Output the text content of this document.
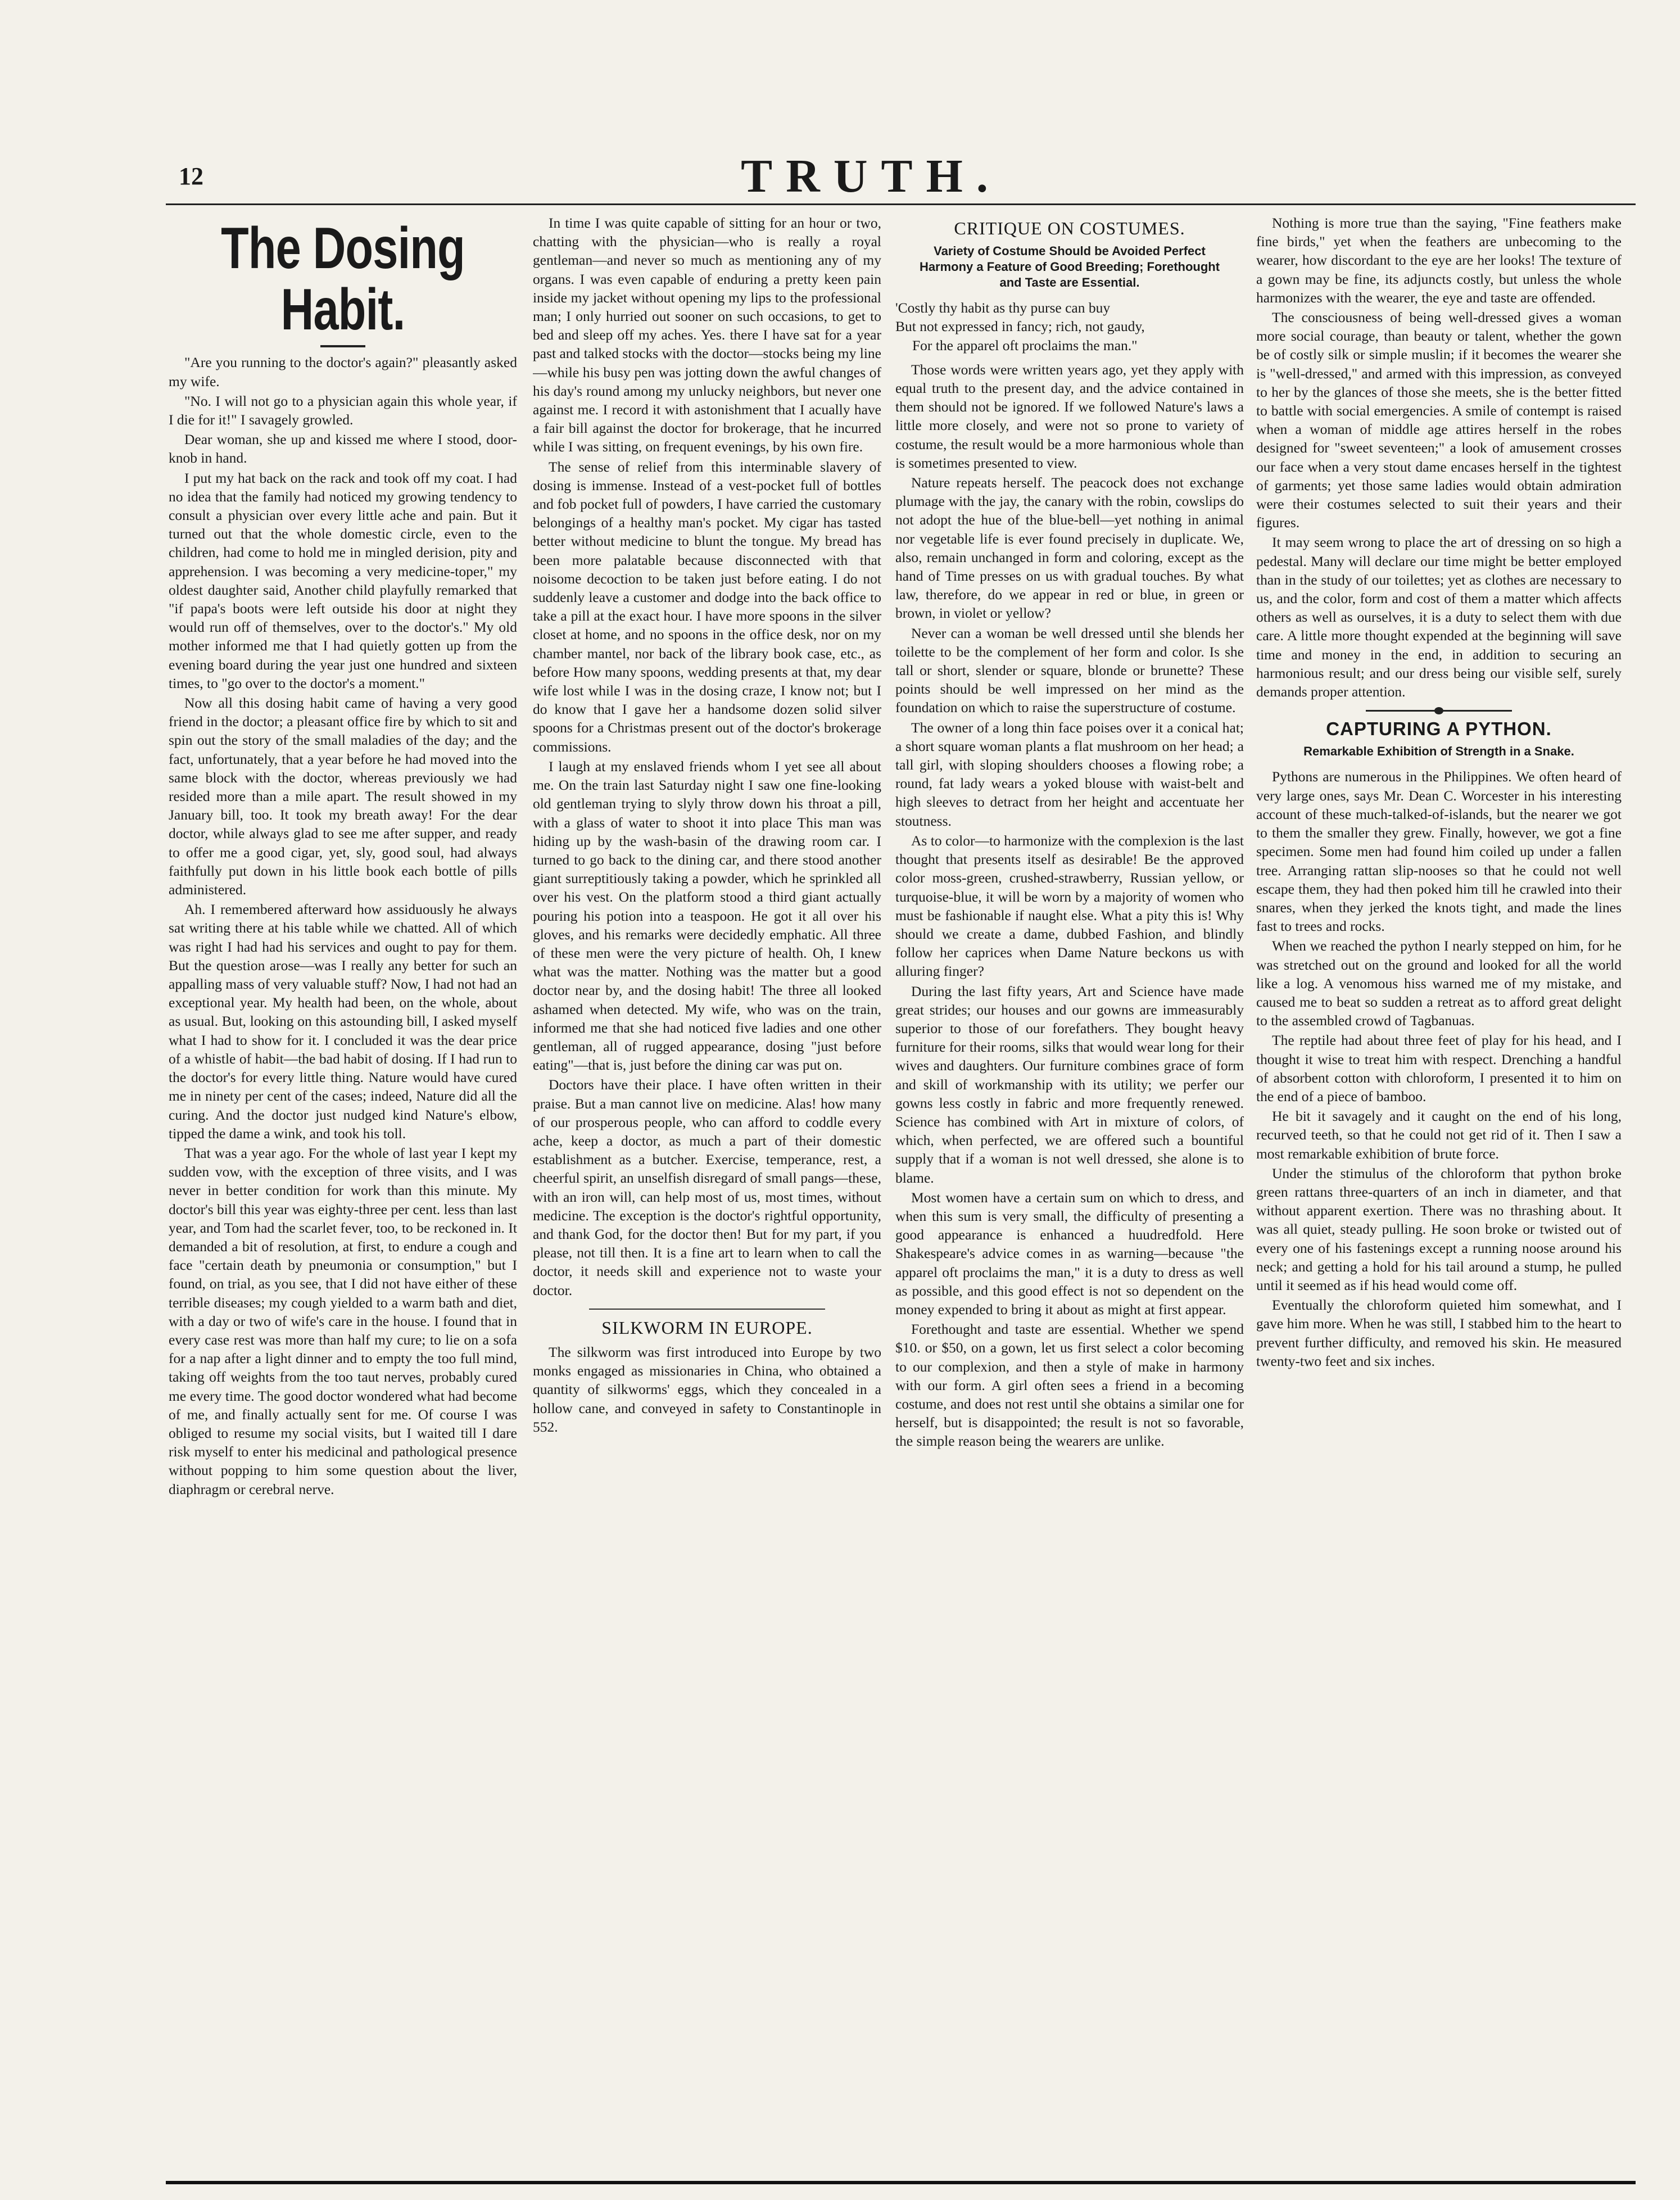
12	TRUTH.
The Dosing Habit.

"Are you running to the doctor's again?" pleasantly asked my wife.

"No. I will not go to a physician again this whole year, if I die for it!" I savagely growled.

Dear woman, she up and kissed me where I stood, door-knob in hand.

I put my hat back on the rack and took off my coat. I had no idea that the family had noticed my growing tendency to consult a physician over every little ache and pain. But it turned out that the whole domestic circle, even to the children, had come to hold me in mingled derision, pity and apprehension. I was becoming a very medicine-toper," my oldest daughter said, Another child playfully remarked that "if papa's boots were left outside his door at night they would run off of themselves, over to the doctor's." My old mother informed me that I had quietly gotten up from the evening board during the year just one hundred and sixteen times, to "go over to the doctor's a moment."

Now all this dosing habit came of having a very good friend in the doctor; a pleasant office fire by which to sit and spin out the story of the small maladies of the day; and the fact, unfortunately, that a year before he had moved into the same block with the doctor, whereas previously we had resided more than a mile apart. The result showed in my January bill, too. It took my breath away! For the dear doctor, while always glad to see me after supper, and ready to offer me a good cigar, yet, sly, good soul, had always faithfully put down in his little book each bottle of pills administered.

Ah. I remembered afterward how assiduously he always sat writing there at his table while we chatted. All of which was right I had had his services and ought to pay for them. But the question arose—was I really any better for such an appalling mass of very valuable stuff? Now, I had not had an exceptional year. My health had been, on the whole, about as usual. But, looking on this astounding bill, I asked myself what I had to show for it. I concluded it was the dear price of a whistle of habit—the bad habit of dosing. If I had run to the doctor's for every little thing. Nature would have cured me in ninety per cent of the cases; indeed, Nature did all the curing. And the doctor just nudged kind Nature's elbow, tipped the dame a wink, and took his toll.

That was a year ago. For the whole of last year I kept my sudden vow, with the exception of three visits, and I was never in better condition for work than this minute. My doctor's bill this year was eighty-three per cent. less than last year, and Tom had the scarlet fever, too, to be reckoned in. It demanded a bit of resolution, at first, to endure a cough and face "certain death by pneumonia or consumption," but I found, on trial, as you see, that I did not have either of these terrible diseases; my cough yielded to a warm bath and diet, with a day or two of wife's care in the house. I found that in every case rest was more than half my cure; to lie on a sofa for a nap after a light dinner and to empty the too full mind, taking off weights from the too taut nerves, probably cured me every time. The good doctor wondered what had become of me, and finally actually sent for me. Of course I was obliged to resume my social visits, but I waited till I dare risk myself to enter his medicinal and pathological presence without popping to him some question about the liver, diaphragm or cerebral nerve.

In time I was quite capable of sitting for an hour or two, chatting with the physician—who is really a royal gentleman—and never so much as mentioning any of my organs. I was even capable of enduring a pretty keen pain inside my jacket without opening my lips to the professional man; I only hurried out sooner on such occasions, to get to bed and sleep off my aches. Yes. there I have sat for a year past and talked stocks with the doctor—stocks being my line—while his busy pen was jotting down the awful changes of his day's round among my unlucky neighbors, but never one against me. I record it with astonishment that I acually have a fair bill against the doctor for brokerage, that he incurred while I was sitting, on frequent evenings, by his own fire.

The sense of relief from this interminable slavery of dosing is immense. Instead of a vest-pocket full of bottles and fob pocket full of powders, I have carried the customary belongings of a healthy man's pocket. My cigar has tasted better without medicine to blunt the tongue. My bread has been more palatable because disconnected with that noisome decoction to be taken just before eating. I do not suddenly leave a customer and dodge into the back office to take a pill at the exact hour. I have more spoons in the silver closet at home, and no spoons in the office desk, nor on my chamber mantel, nor back of the library book case, etc., as before How many spoons, wedding presents at that, my dear wife lost while I was in the dosing craze, I know not; but I do know that I gave her a handsome dozen solid silver spoons for a Christmas present out of the doctor's brokerage commissions.

I laugh at my enslaved friends whom I yet see all about me. On the train last Saturday night I saw one fine-looking old gentleman trying to slyly throw down his throat a pill, with a glass of water to shoot it into place This man was hiding up by the wash-basin of the drawing room car. I turned to go back to the dining car, and there stood another giant surreptitiously taking a powder, which he sprinkled all over his vest. On the platform stood a third giant actually pouring his potion into a teaspoon. He got it all over his gloves, and his remarks were decidedly emphatic. All three of these men were the very picture of health. Oh, I knew what was the matter. Nothing was the matter but a good doctor near by, and the dosing habit! The three all looked ashamed when detected. My wife, who was on the train, informed me that she had noticed five ladies and one other gentleman, all of rugged appearance, dosing "just before eating"—that is, just before the dining car was put on.

Doctors have their place. I have often written in their praise. But a man cannot live on medicine. Alas! how many of our prosperous people, who can afford to coddle every ache, keep a doctor, as much a part of their domestic establishment as a butcher. Exercise, temperance, rest, a cheerful spirit, an unselfish disregard of small pangs—these, with an iron will, can help most of us, most times, without medicine. The exception is the doctor's rightful opportunity, and thank God, for the doctor then! But for my part, if you please, not till then. It is a fine art to learn when to call the doctor, it needs skill and experience not to waste your doctor.

SILKWORM IN EUROPE.

The silkworm was first introduced into Europe by two monks engaged as missionaries in China, who obtained a quantity of silkworms' eggs, which they concealed in a hollow cane, and conveyed in safety to Constantinople in 552.

CRITIQUE ON COSTUMES.
Variety of Costume Should be Avoided Perfect Harmony a Feature of Good Breeding; Forethought and Taste are Essential.
'Costly thy habit as thy purse can buy
But not expressed in fancy; rich, not gaudy,
For the apparel oft proclaims the man."

Those words were written years ago, yet they apply with equal truth to the present day, and the advice contained in them should not be ignored. If we followed Nature's laws a little more closely, and were not so prone to variety of costume, the result would be a more harmonious whole than is sometimes presented to view.

Nature repeats herself. The peacock does not exchange plumage with the jay, the canary with the robin, cowslips do not adopt the hue of the blue-bell—yet nothing in animal nor vegetable life is ever found precisely in duplicate. We, also, remain unchanged in form and coloring, except as the hand of Time presses on us with gradual touches. By what law, therefore, do we appear in red or blue, in green or brown, in violet or yellow?

Never can a woman be well dressed until she blends her toilette to be the complement of her form and color. Is she tall or short, slender or square, blonde or brunette? These points should be well impressed on her mind as the foundation on which to raise the superstructure of costume.

The owner of a long thin face poises over it a conical hat; a short square woman plants a flat mushroom on her head; a tall girl, with sloping shoulders chooses a flowing robe; a round, fat lady wears a yoked blouse with waist-belt and high sleeves to detract from her height and accentuate her stoutness.

As to color—to harmonize with the complexion is the last thought that presents itself as desirable! Be the approved color moss-green, crushed-strawberry, Russian yellow, or turquoise-blue, it will be worn by a majority of women who must be fashionable if naught else. What a pity this is! Why should we create a dame, dubbed Fashion, and blindly follow her caprices when Dame Nature beckons us with alluring finger?

During the last fifty years, Art and Science have made great strides; our houses and our gowns are immeasurably superior to those of our forefathers. They bought heavy furniture for their rooms, silks that would wear long for their wives and daughters. Our furniture combines grace of form and skill of workmanship with its utility; we perfer our gowns less costly in fabric and more frequently renewed. Science has combined with Art in mixture of colors, of which, when perfected, we are offered such a bountiful supply that if a woman is not well dressed, she alone is to blame.

Most women have a certain sum on which to dress, and when this sum is very small, the difficulty of presenting a good appearance is enhanced a huudredfold. Here Shakespeare's advice comes in as warning—because "the apparel oft proclaims the man," it is a duty to dress as well as possible, and this good effect is not so dependent on the money expended to bring it about as might at first appear.

Forethought and taste are essential. Whether we spend $10. or $50, on a gown, let us first select a color becoming to our complexion, and then a style of make in harmony with our form. A girl often sees a friend in a becoming costume, and does not rest until she obtains a similar one for herself, but is disappointed; the result is not so favorable, the simple reason being the wearers are unlike.

Nothing is more true than the saying, "Fine feathers make fine birds," yet when the feathers are unbecoming to the wearer, how discordant to the eye are her looks! The texture of a gown may be fine, its adjuncts costly, but unless the whole harmonizes with the wearer, the eye and taste are offended.

The consciousness of being well-dressed gives a woman more social courage, than beauty or talent, whether the gown be of costly silk or simple muslin; if it becomes the wearer she is "well-dressed," and armed with this impression, as conveyed to her by the glances of those she meets, she is the better fitted to battle with social emergencies. A smile of contempt is raised when a woman of middle age attires herself in the robes designed for "sweet seventeen;" a look of amusement crosses our face when a very stout dame encases herself in the tightest of garments; yet those same ladies would obtain admiration were their costumes selected to suit their years and their figures.

It may seem wrong to place the art of dressing on so high a pedestal. Many will declare our time might be better employed than in the study of our toilettes; yet as clothes are necessary to us, and the color, form and cost of them a matter which affects others as well as ourselves, it is a duty to select them with due care. A little more thought expended at the beginning will save time and money in the end, in addition to securing an harmonious result; and our dress being our visible self, surely demands proper attention.

CAPTURING A PYTHON.
Remarkable Exhibition of Strength in a Snake.

Pythons are numerous in the Philippines. We often heard of very large ones, says Mr. Dean C. Worcester in his interesting account of these much-talked-of-islands, but the nearer we got to them the smaller they grew. Finally, however, we got a fine specimen. Some men had found him coiled up under a fallen tree. Arranging rattan slip-nooses so that he could not well escape them, they had then poked him till he crawled into their snares, when they jerked the knots tight, and made the lines fast to trees and rocks.

When we reached the python I nearly stepped on him, for he was stretched out on the ground and looked for all the world like a log. A venomous hiss warned me of my mistake, and caused me to beat so sudden a retreat as to afford great delight to the assembled crowd of Tagbanuas.

The reptile had about three feet of play for his head, and I thought it wise to treat him with respect. Drenching a handful of absorbent cotton with chloroform, I presented it to him on the end of a piece of bamboo.

He bit it savagely and it caught on the end of his long, recurved teeth, so that he could not get rid of it. Then I saw a most remarkable exhibition of brute force.

Under the stimulus of the chloroform that python broke green rattans three-quarters of an inch in diameter, and that without apparent exertion. There was no thrashing about. It was all quiet, steady pulling. He soon broke or twisted out of every one of his fastenings except a running noose around his neck; and getting a hold for his tail around a stump, he pulled until it seemed as if his head would come off.

Eventually the chloroform quieted him somewhat, and I gave him more. When he was still, I stabbed him to the heart to prevent further difficulty, and removed his skin. He measured twenty-two feet and six inches.
